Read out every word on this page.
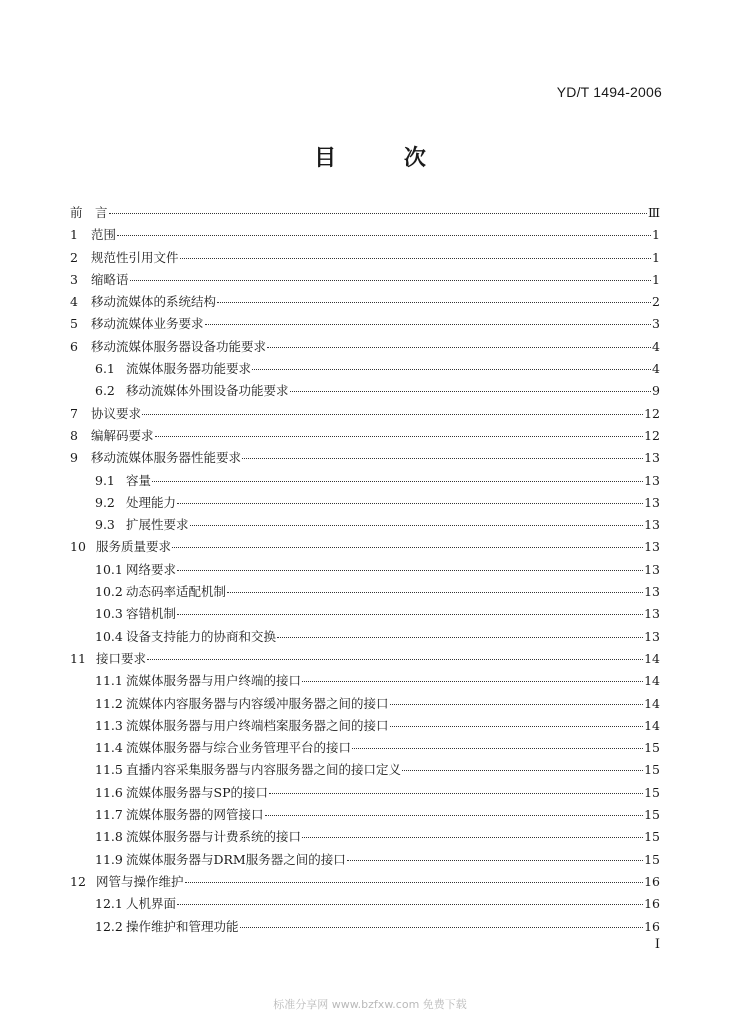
YD/T 1494-2006
目 次
前　言	Ⅲ
1	范围	1
2	规范性引用文件	1
3	缩略语	1
4	移动流媒体的系统结构	2
5	移动流媒体业务要求	3
6	移动流媒体服务器设备功能要求	4
6.1 流媒体服务器功能要求	4
6.2 移动流媒体外围设备功能要求	9
7	协议要求	12
8	编解码要求	12
9	移动流媒体服务器性能要求	13
9.1 容量	13
9.2 处理能力	13
9.3 扩展性要求	13
10 服务质量要求	13
10.1 网络要求	13
10.2 动态码率适配机制	13
10.3 容错机制	13
10.4 设备支持能力的协商和交换	13
11 接口要求	14
11.1 流媒体服务器与用户终端的接口	14
11.2 流媒体内容服务器与内容缓冲服务器之间的接口	14
11.3 流媒体服务器与用户终端档案服务器之间的接口	14
11.4 流媒体服务器与综合业务管理平台的接口	15
11.5 直播内容采集服务器与内容服务器之间的接口定义	15
11.6 流媒体服务器与SP的接口	15
11.7 流媒体服务器的网管接口	15
11.8 流媒体服务器与计费系统的接口	15
11.9 流媒体服务器与DRM服务器之间的接口	15
12 网管与操作维护	16
12.1 人机界面	16
12.2 操作维护和管理功能	16
I
标准分享网 www.bzfxw.com 免费下载
